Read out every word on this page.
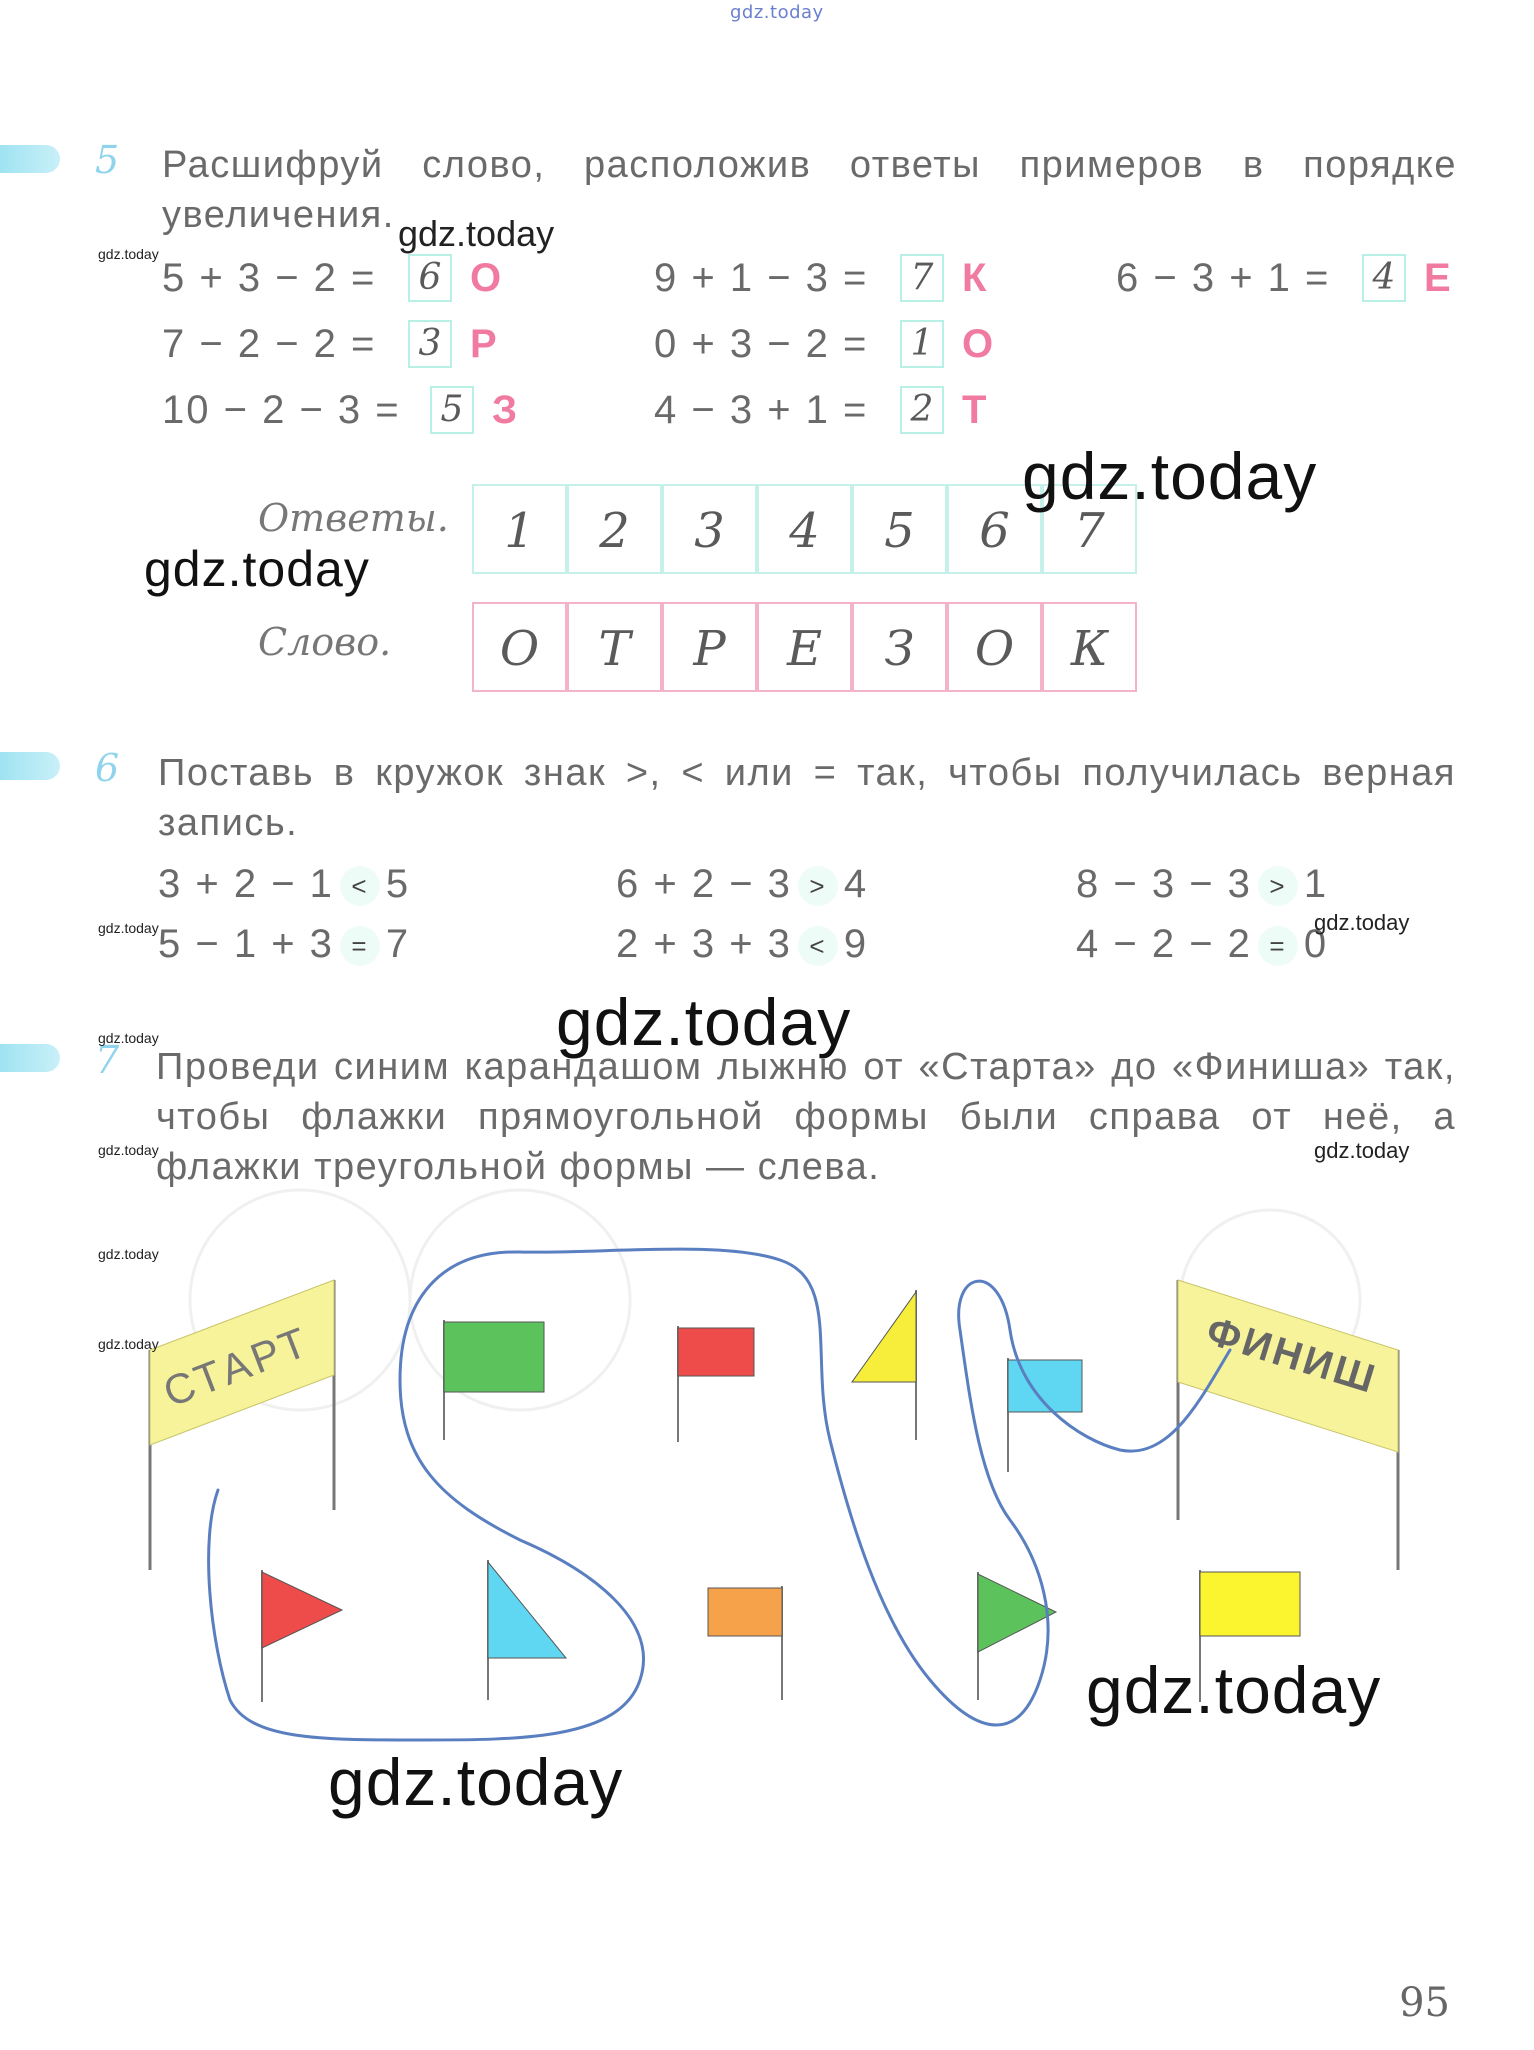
gdz.today
5 Расшифруй слово, расположив ответы примеров в порядке увеличения.
5 + 3 − 2 = 6 О
7 − 2 − 2 = 3 Р
10 − 2 − 3 = 5 З
9 + 1 − 3 = 7 К
0 + 3 − 2 = 1 О
4 − 3 + 1 = 2 Т
6 − 3 + 1 = 4 Е
Ответы.	1	2	3	4	5	6	7
Слово.	О	Т	Р	Е	З	О	К
6 Поставь в кружок знак >, < или = так, чтобы получилась верная запись.
3 + 2 − 1 < 5
5 − 1 + 3 = 7
6 + 2 − 3 > 4
2 + 3 + 3 < 9
8 − 3 − 3 > 1
4 − 2 − 2 = 0
7 Проведи синим карандашом лыжню от «Старта» до «Финиша» так, чтобы флажки прямоугольной формы были справа от неё, а флажки треугольной формы — слева.
СТАРТ	ФИНИШ
gdz.today
gdz.today
gdz.today
gdz.today
gdz.today	gdz.today
gdz.today
gdz.today
gdz.today	gdz.today
gdz.today
gdz.today
gdz.today
gdz.today
95
